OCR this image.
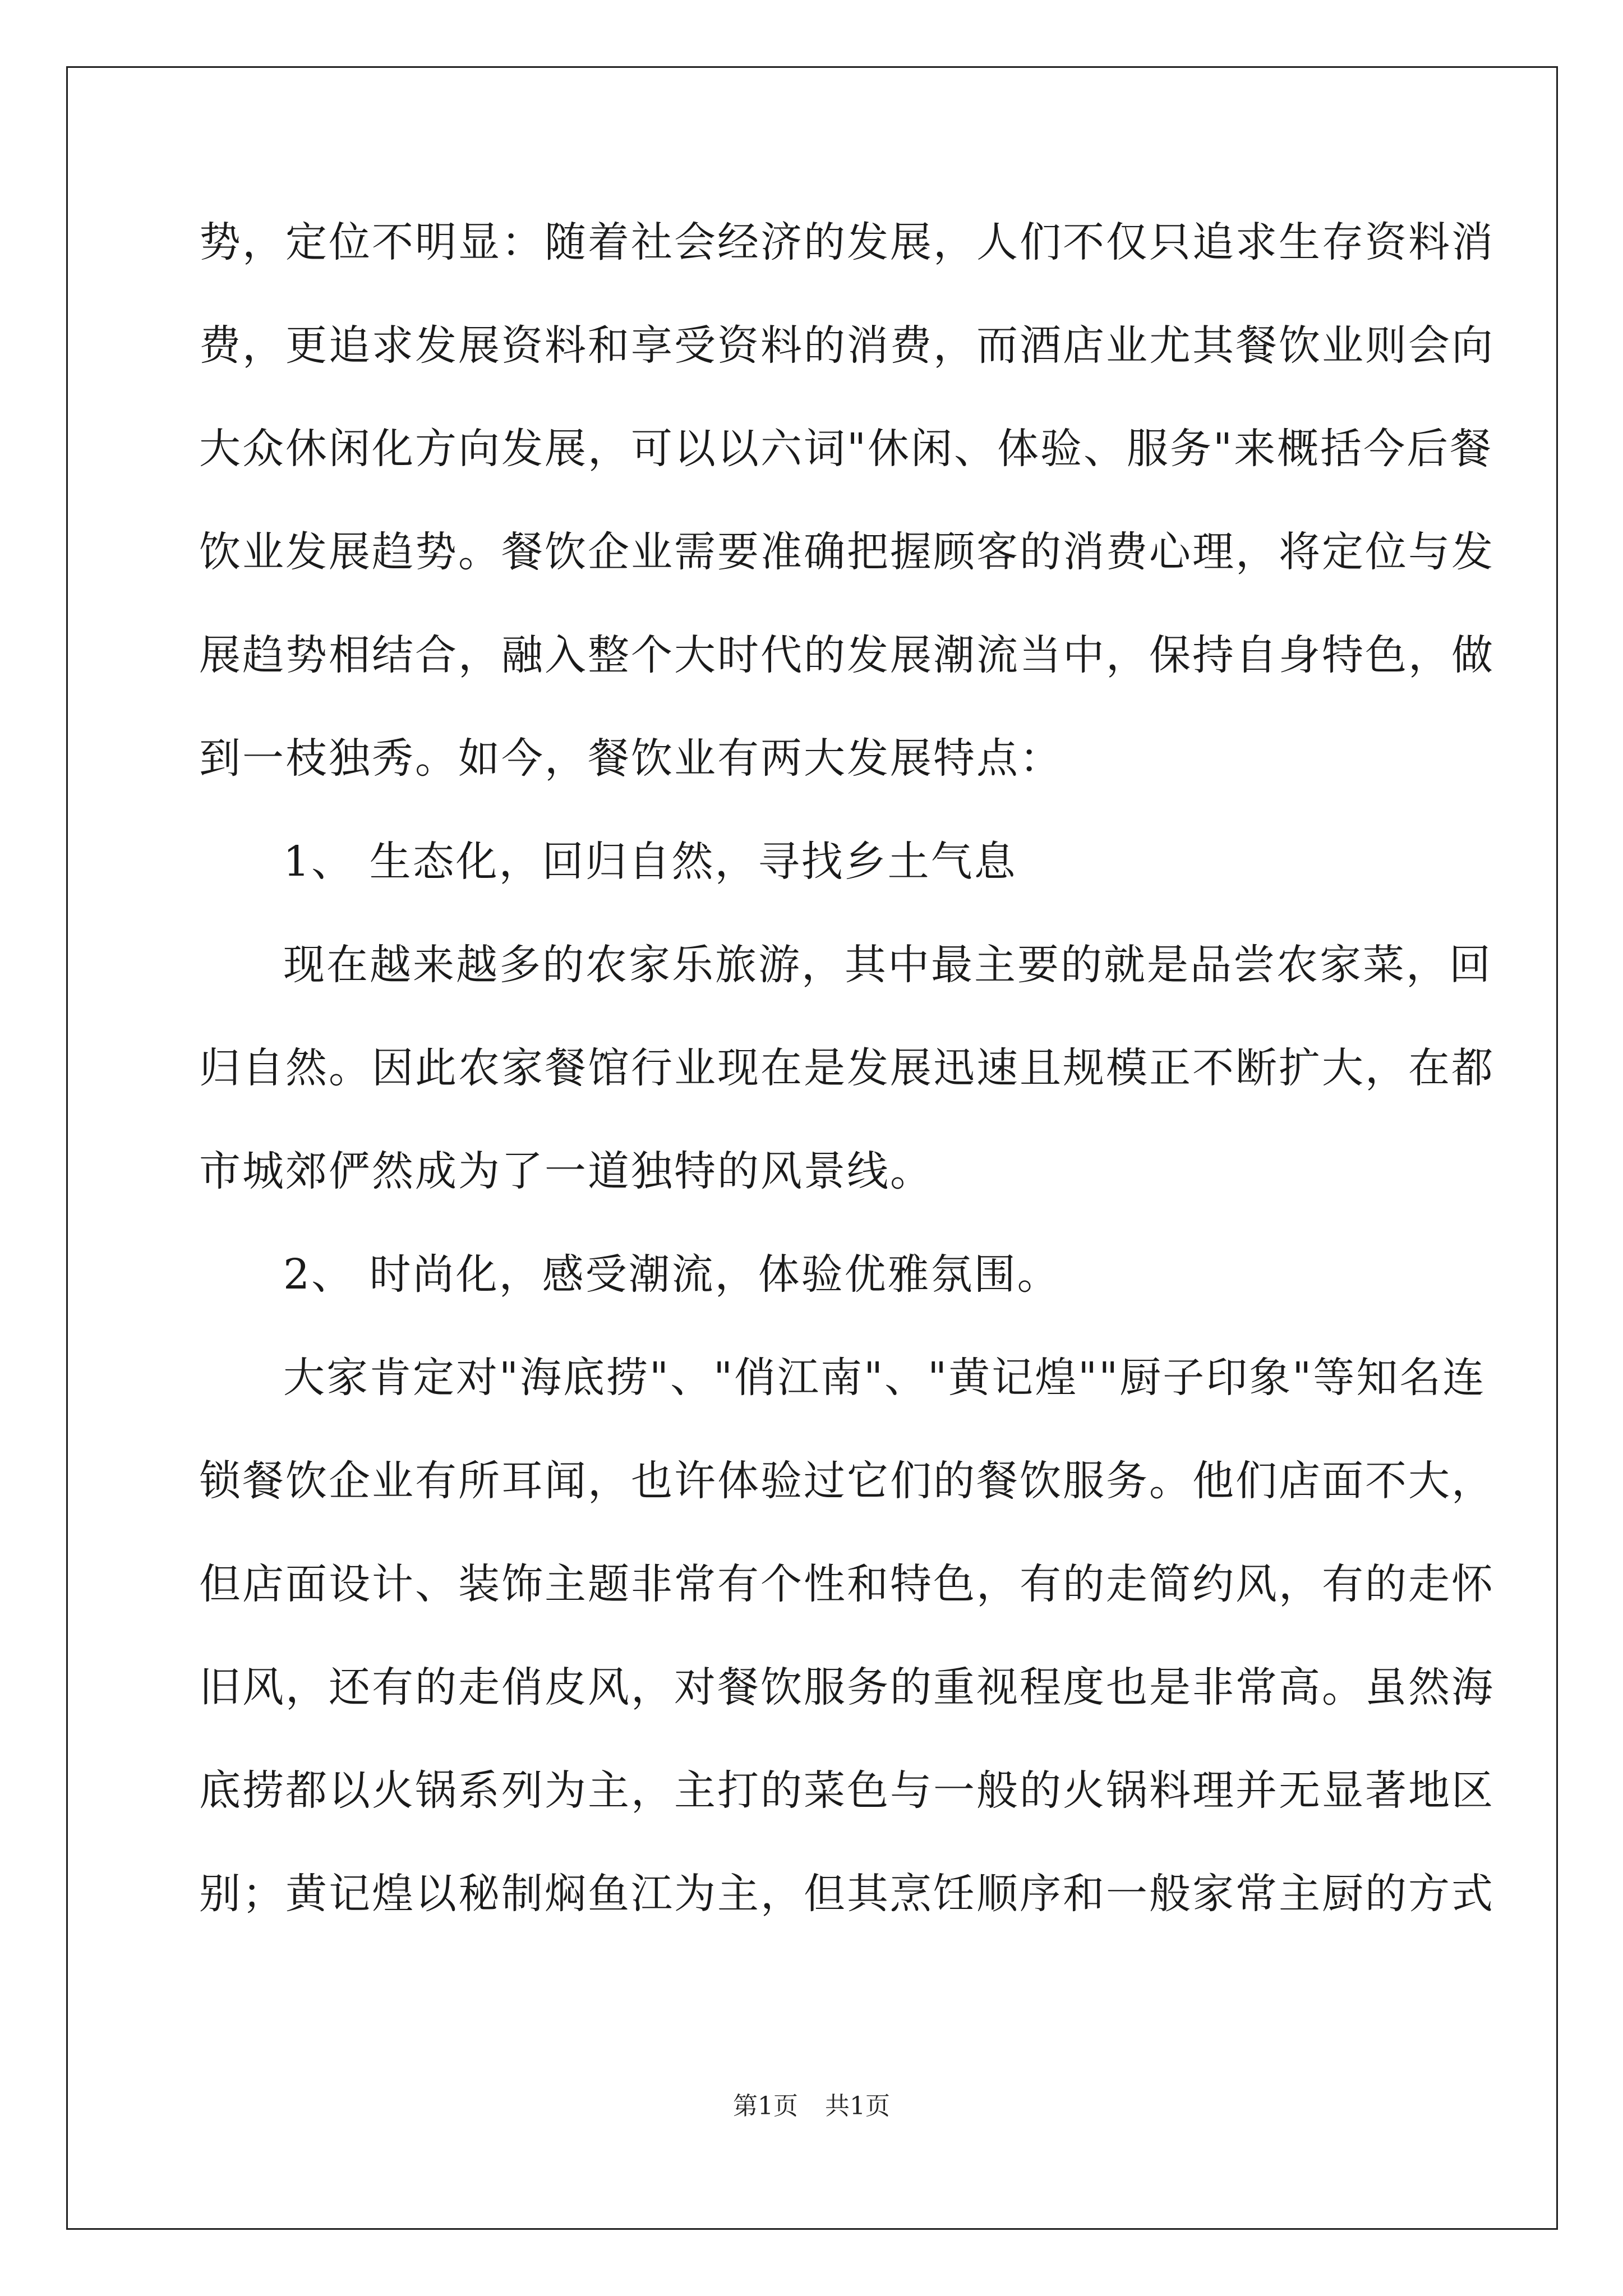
势，定位不明显：随着社会经济的发展，人们不仅只追求生存资料消
费，更追求发展资料和享受资料的消费，而酒店业尤其餐饮业则会向
大众休闲化方向发展，可以以六词"休闲、体验、服务"来概括今后餐
饮业发展趋势。餐饮企业需要准确把握顾客的消费心理，将定位与发
展趋势相结合，融入整个大时代的发展潮流当中，保持自身特色，做
到一枝独秀。如今，餐饮业有两大发展特点：
1、 生态化，回归自然，寻找乡土气息
现在越来越多的农家乐旅游，其中最主要的就是品尝农家菜，回
归自然。因此农家餐馆行业现在是发展迅速且规模正不断扩大，在都
市城郊俨然成为了一道独特的风景线。
2、 时尚化，感受潮流，体验优雅氛围。
大家肯定对"海底捞"、"俏江南"、"黄记煌""厨子印象"等知名连
锁餐饮企业有所耳闻，也许体验过它们的餐饮服务。他们店面不大，
但店面设计、装饰主题非常有个性和特色，有的走简约风，有的走怀
旧风，还有的走俏皮风，对餐饮服务的重视程度也是非常高。虽然海
底捞都以火锅系列为主，主打的菜色与一般的火锅料理并无显著地区
别；黄记煌以秘制焖鱼江为主，但其烹饪顺序和一般家常主厨的方式
第1页 共1页
